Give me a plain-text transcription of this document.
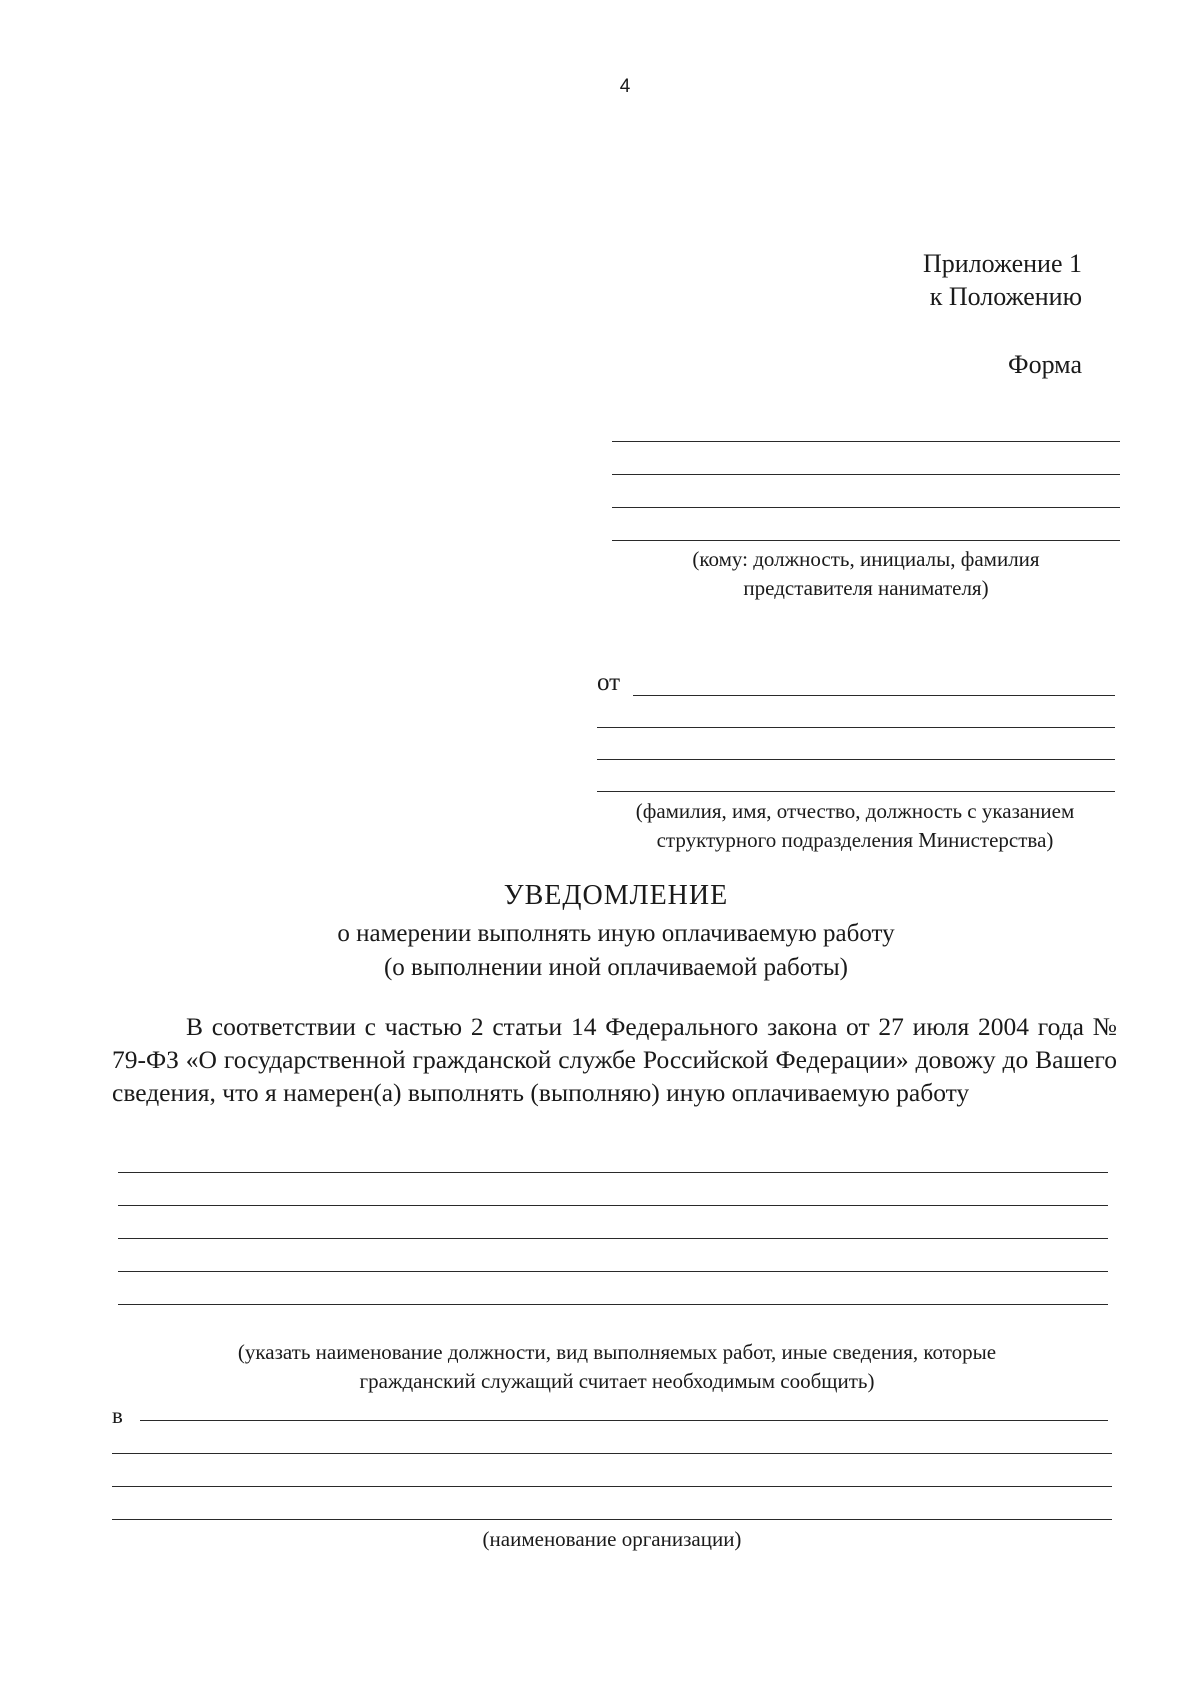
4
Приложение 1
к Положению
Форма
(кому: должность, инициалы, фамилия
представителя нанимателя)
от
(фамилия, имя, отчество, должность с указанием
структурного подразделения Министерства)
УВЕДОМЛЕНИЕ
о намерении выполнять иную оплачиваемую работу
(о выполнении иной оплачиваемой работы)
В соответствии с частью 2 статьи 14 Федерального закона от 27 июля 2004 года № 79-ФЗ «О государственной гражданской службе Российской Федерации» довожу до Вашего сведения, что я намерен(а) выполнять (выполняю) иную оплачиваемую работу
(указать наименование должности, вид выполняемых работ, иные сведения, которые
гражданский служащий считает необходимым сообщить)
в
(наименование организации)
